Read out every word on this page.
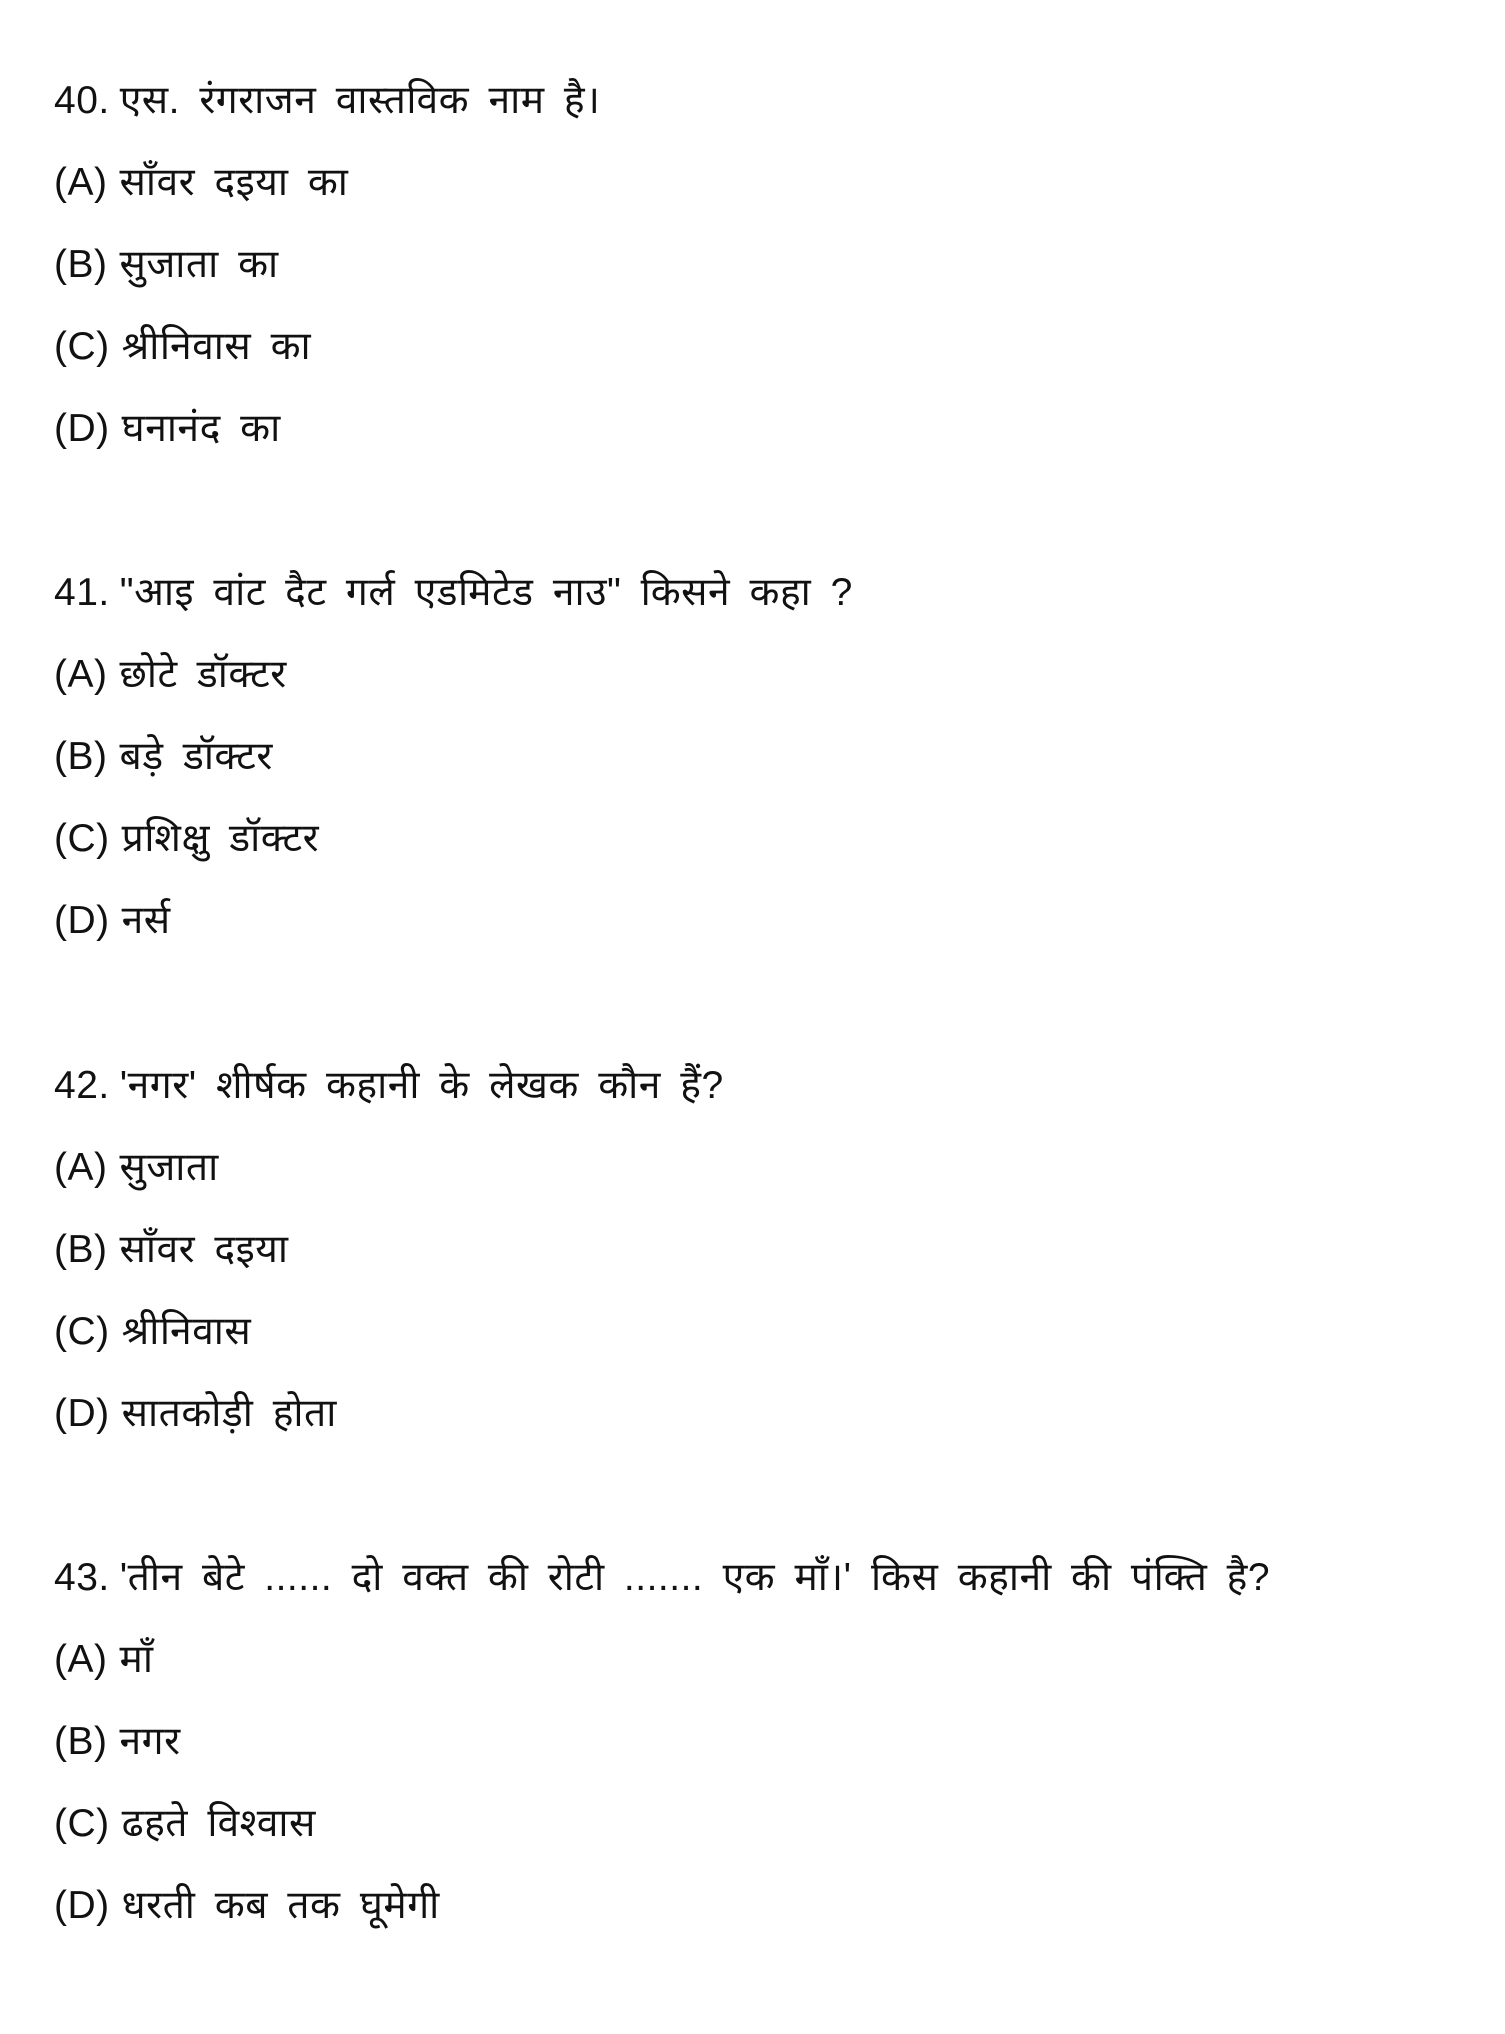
40. एस. रंगराजन वास्तविक नाम है।
(A) साँवर दइया का
(B) सुजाता का
(C) श्रीनिवास का
(D) घनानंद का
41. "आइ वांट दैट गर्ल एडमिटेड नाउ" किसने कहा ?
(A) छोटे डॉक्टर
(B) बड़े डॉक्टर
(C) प्रशिक्षु डॉक्टर
(D) नर्स
42. 'नगर' शीर्षक कहानी के लेखक कौन हैं?
(A) सुजाता
(B) साँवर दइया
(C) श्रीनिवास
(D) सातकोड़ी होता
43. 'तीन बेटे ...... दो वक्त की रोटी ....... एक माँ।' किस कहानी की पंक्ति है?
(A) माँ
(B) नगर
(C) ढहते विश्वास
(D) धरती कब तक घूमेगी
